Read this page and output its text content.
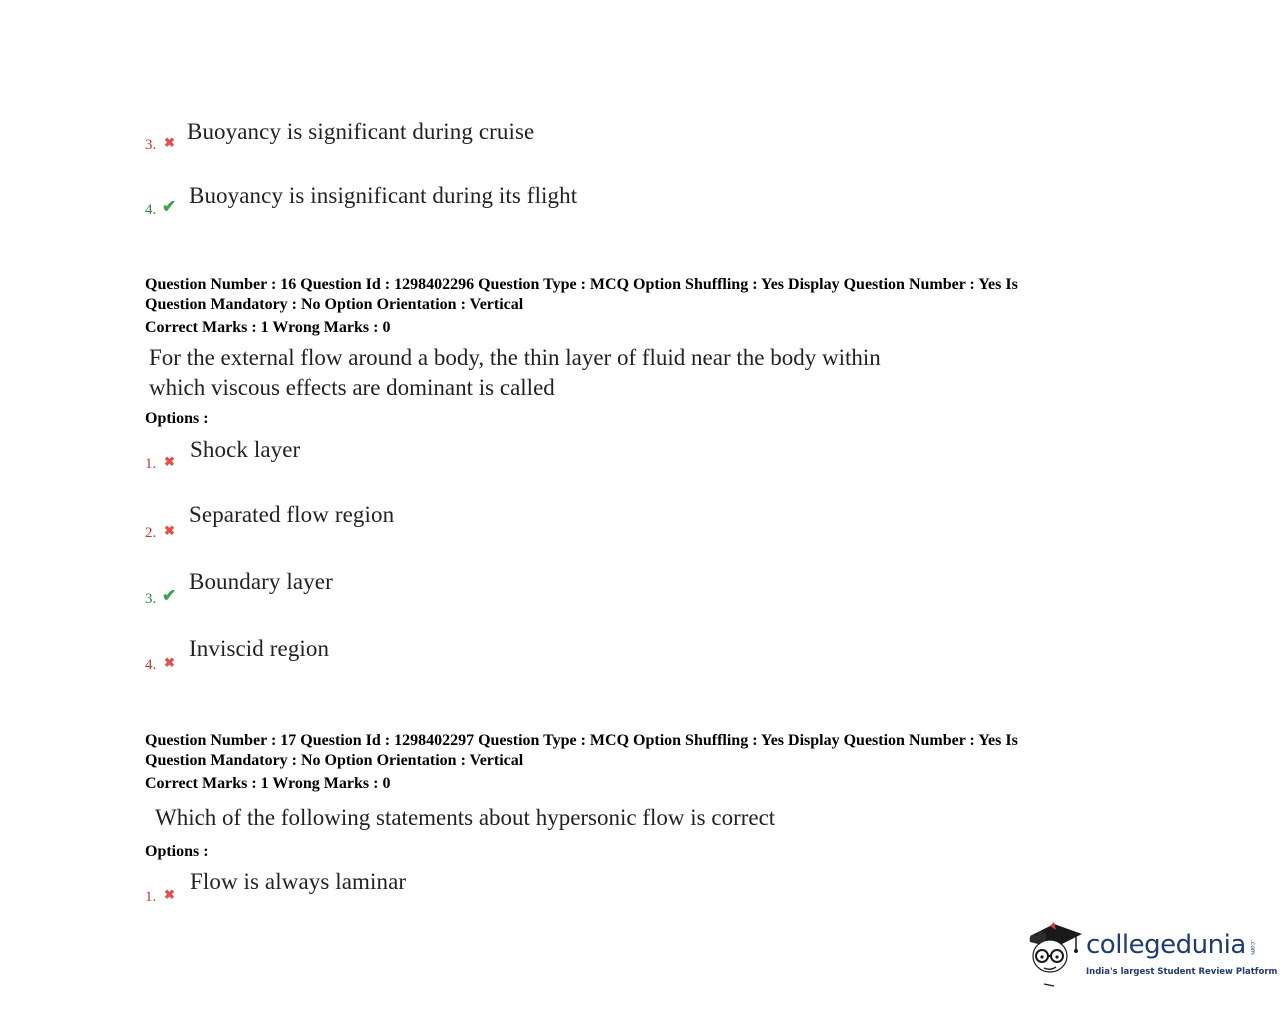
3. ✖ Buoyancy is significant during cruise
4. ✔ Buoyancy is insignificant during its flight
Question Number : 16 Question Id : 1298402296 Question Type : MCQ Option Shuffling : Yes Display Question Number : Yes Is
Question Mandatory : No Option Orientation : Vertical
Correct Marks : 1 Wrong Marks : 0
For the external flow around a body, the thin layer of fluid near the body within
which viscous effects are dominant is called
Options :
1. ✖ Shock layer
2. ✖
Separated flow region
3. ✔
Boundary layer
4. ✖
Inviscid region
Question Number : 17 Question Id : 1298402297 Question Type : MCQ Option Shuffling : Yes Display Question Number : Yes Is
Question Mandatory : No Option Orientation : Vertical
Correct Marks : 1 Wrong Marks : 0
Which of the following statements about hypersonic flow is correct
Options :
1. ✖
Flow is always laminar
collegedunia .com
India's largest Student Review Platform
